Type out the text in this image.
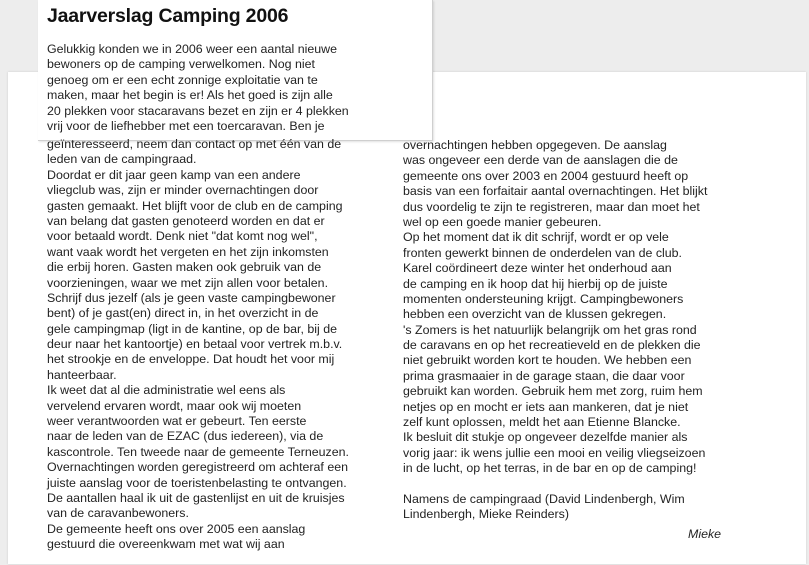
Jaarverslag Camping 2006
Gelukkig konden we in 2006 weer een aantal nieuwe
bewoners op de camping verwelkomen. Nog niet
genoeg om er een echt zonnige exploitatie van te
maken, maar het begin is er! Als het goed is zijn alle
20 plekken voor stacaravans bezet en zijn er 4 plekken
vrij voor de liefhebber met een toercaravan. Ben je
geïnteresseerd, neem dan contact op met één van de
leden van de campingraad.
Doordat er dit jaar geen kamp van een andere
vliegclub was, zijn er minder overnachtingen door
gasten gemaakt. Het blijft voor de club en de camping
van belang dat gasten genoteerd worden en dat er
voor betaald wordt. Denk niet "dat komt nog wel",
want vaak wordt het vergeten en het zijn inkomsten
die erbij horen. Gasten maken ook gebruik van de
voorzieningen, waar we met zijn allen voor betalen.
Schrijf dus jezelf (als je geen vaste campingbewoner
bent) of je gast(en) direct in, in het overzicht in de
gele campingmap (ligt in de kantine, op de bar, bij de
deur naar het kantoortje) en betaal voor vertrek m.b.v.
het strookje en de enveloppe. Dat houdt het voor mij
hanteerbaar.
Ik weet dat al die administratie wel eens als
vervelend ervaren wordt, maar ook wij moeten
weer verantwoorden wat er gebeurt. Ten eerste
naar de leden van de EZAC (dus iedereen), via de
kascontrole. Ten tweede naar de gemeente Terneuzen.
Overnachtingen worden geregistreerd om achteraf een
juiste aanslag voor de toeristenbelasting te ontvangen.
De aantallen haal ik uit de gastenlijst en uit de kruisjes
van de caravanbewoners.
De gemeente heeft ons over 2005 een aanslag
gestuurd die overeenkwam met wat wij aan
overnachtingen hebben opgegeven. De aanslag
was ongeveer een derde van de aanslagen die de
gemeente ons over 2003 en 2004 gestuurd heeft op
basis van een forfaitair aantal overnachtingen. Het blijkt
dus voordelig te zijn te registreren, maar dan moet het
wel op een goede manier gebeuren.
Op het moment dat ik dit schrijf, wordt er op vele
fronten gewerkt binnen de onderdelen van de club.
Karel coördineert deze winter het onderhoud aan
de camping en ik hoop dat hij hierbij op de juiste
momenten ondersteuning krijgt. Campingbewoners
hebben een overzicht van de klussen gekregen.
's Zomers is het natuurlijk belangrijk om het gras rond
de caravans en op het recreatieveld en de plekken die
niet gebruikt worden kort te houden. We hebben een
prima grasmaaier in de garage staan, die daar voor
gebruikt kan worden. Gebruik hem met zorg, ruim hem
netjes op en mocht er iets aan mankeren, dat je niet
zelf kunt oplossen, meldt het aan Etienne Blancke.
Ik besluit dit stukje op ongeveer dezelfde manier als
vorig jaar: ik wens jullie een mooi en veilig vliegseizoen
in de lucht, op het terras, in de bar en op de camping!
Namens de campingraad (David Lindenbergh, Wim
Lindenbergh, Mieke Reinders)
Mieke
